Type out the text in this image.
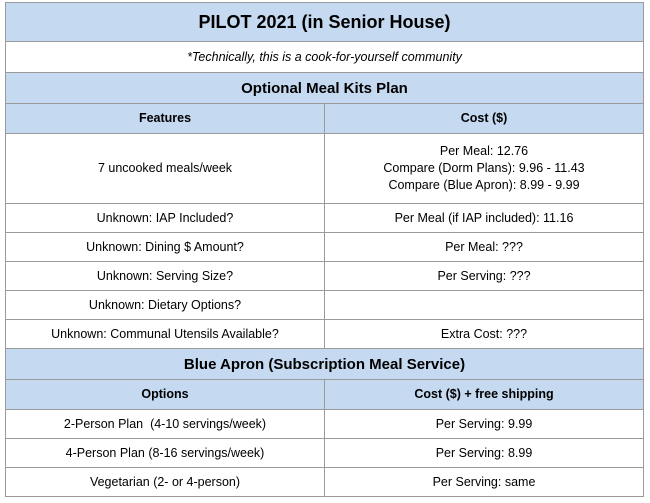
PILOT 2021 (in Senior House)	
*Technically, this is a cook-for-yourself community	
Optional Meal Kits Plan	
Features	Cost ($)
7 uncooked meals/week	Per Meal: 12.76
Compare (Dorm Plans): 9.96 - 11.43
Compare (Blue Apron): 8.99 - 9.99

Unknown: IAP Included?	Per Meal (if IAP included): 11.16
Unknown: Dining $ Amount?	Per Meal: ???
Unknown: Serving Size?	Per Serving: ???
Unknown: Dietary Options?	
Unknown: Communal Utensils Available?	Extra Cost: ???
Blue Apron (Subscription Meal Service)	
Options	Cost ($) + free shipping
2-Person Plan  (4-10 servings/week)	Per Serving: 9.99
4-Person Plan (8-16 servings/week)	Per Serving: 8.99
Vegetarian (2- or 4-person)	Per Serving: same
